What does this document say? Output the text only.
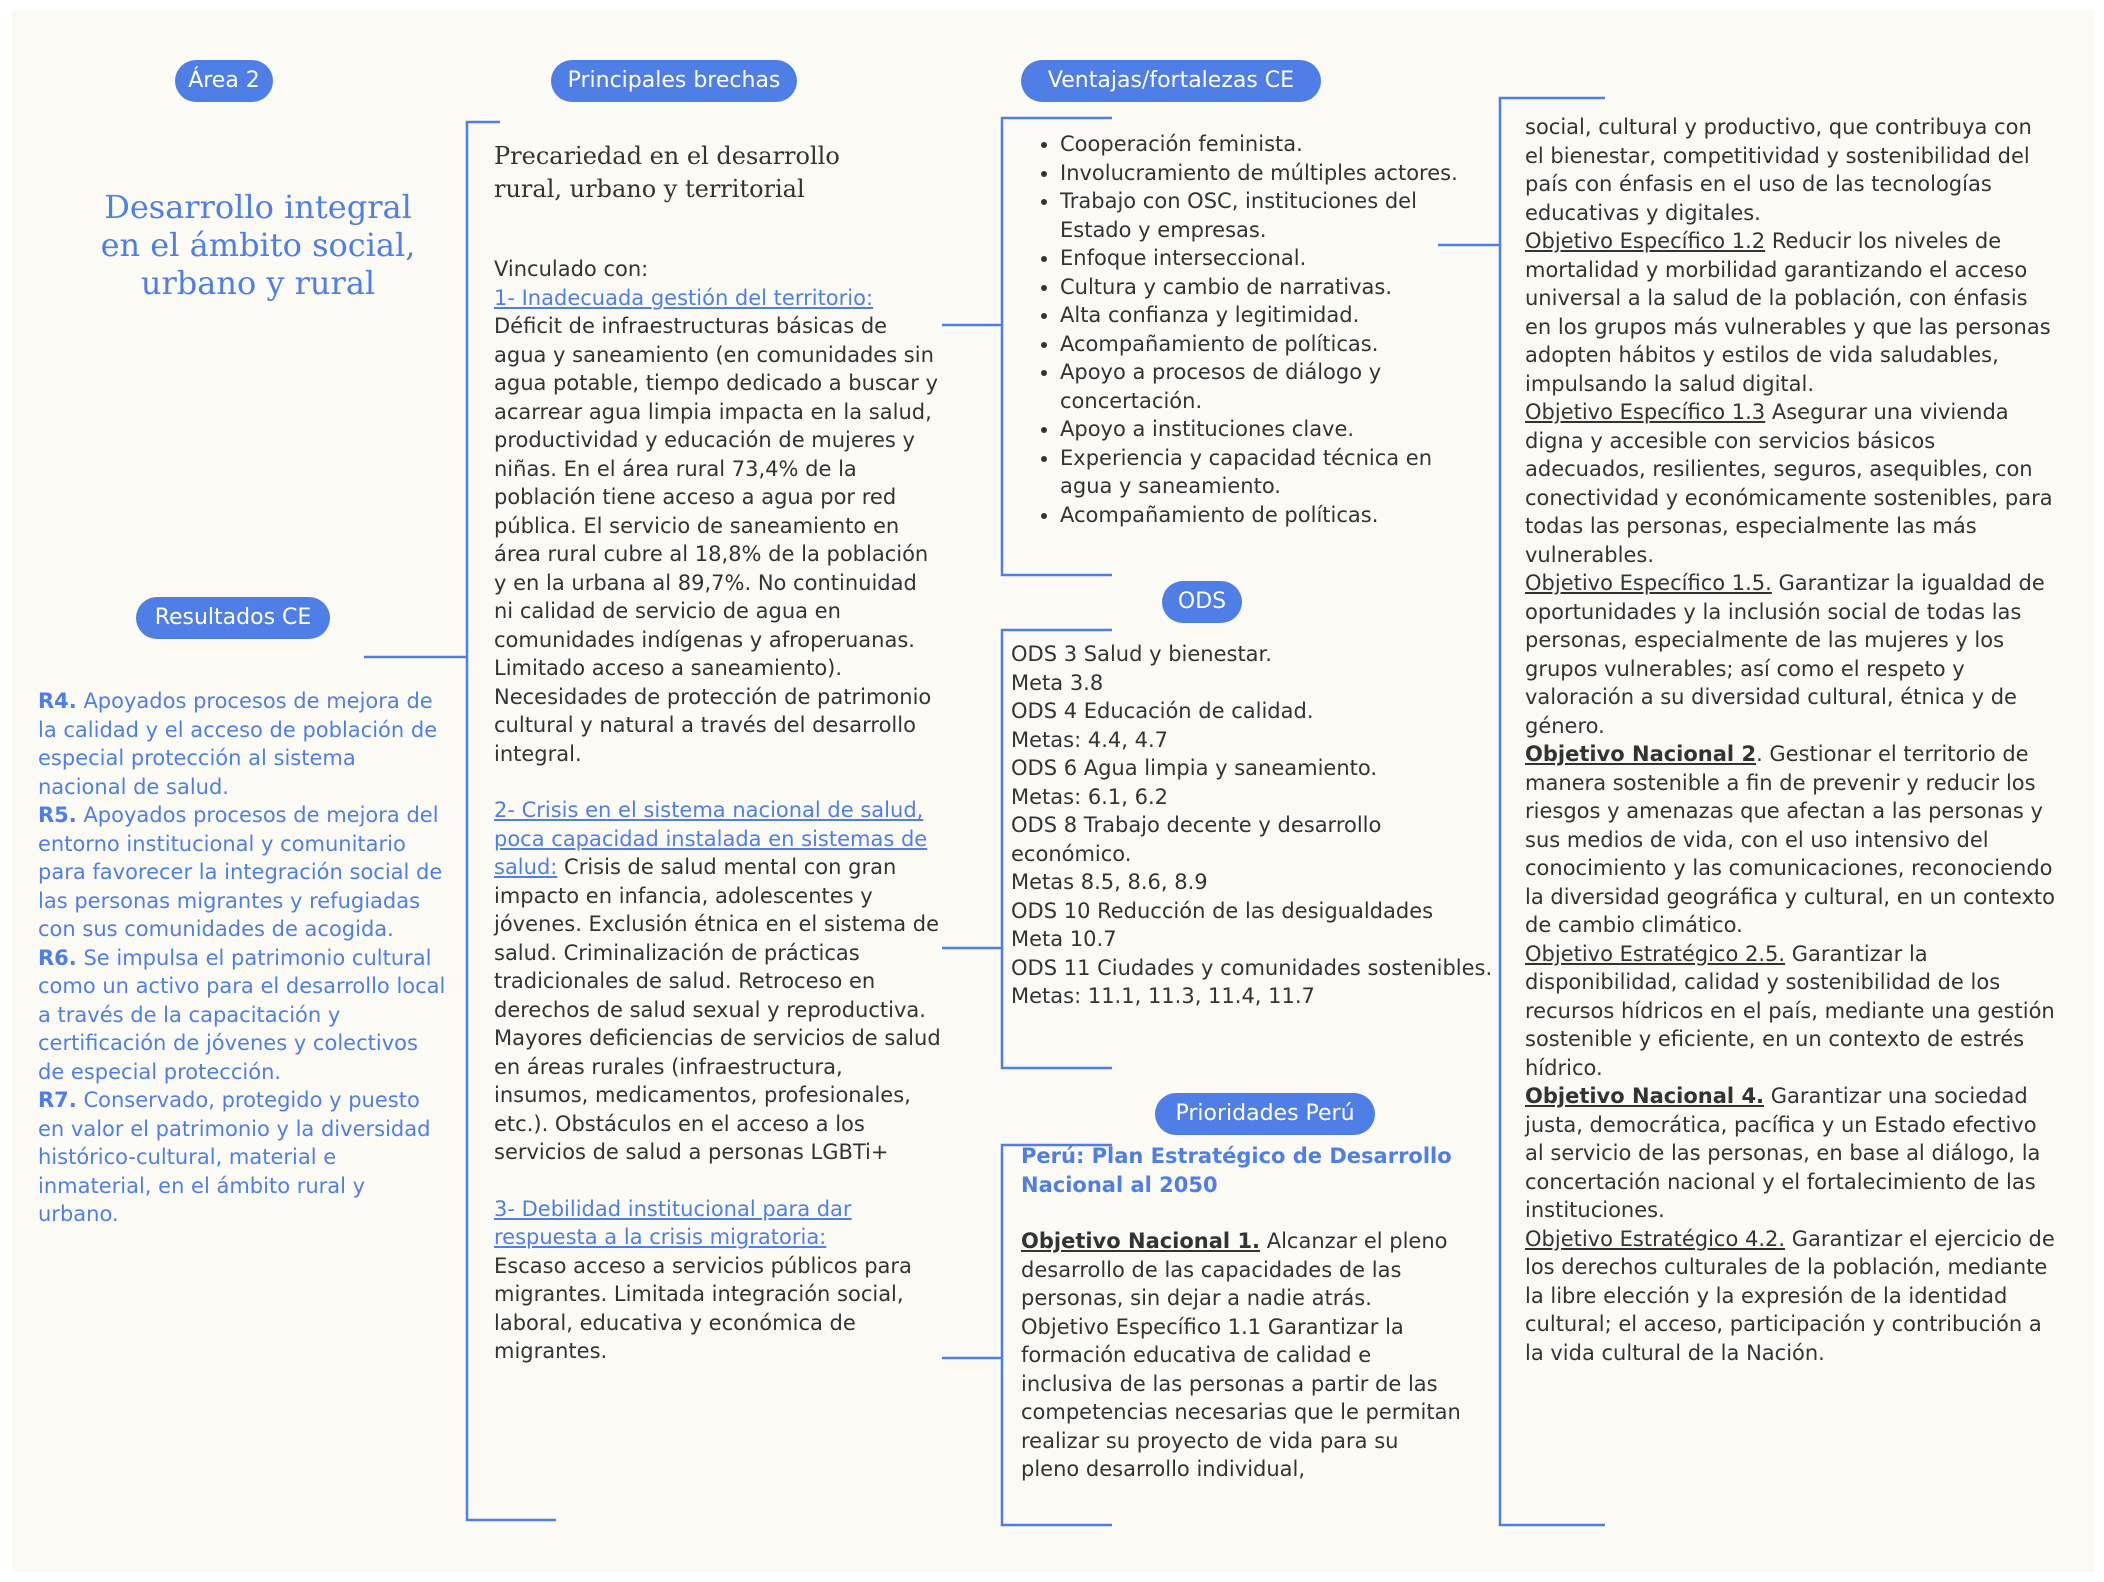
Área 2	Principales brechas	Ventajas/fortalezas CE
Resultados CE
ODS
Prioridades Perú
Desarrollo integral en el ámbito social, urbano y rural

R4. Apoyados procesos de mejora de la calidad y el acceso de población de especial protección al sistema nacional de salud.

R5. Apoyados procesos de mejora del entorno institucional y comunitario para favorecer la integración social de las personas migrantes y refugiadas con sus comunidades de acogida.

R6. Se impulsa el patrimonio cultural como un activo para el desarrollo local a través de la capacitación y certificación de jóvenes y colectivos de especial protección.

R7. Conservado, protegido y puesto en valor el patrimonio y la diversidad histórico-cultural, material e inmaterial, en el ámbito rural y urbano.

Precariedad en el desarrollo rural, urbano y territorial

Vinculado con:

1- Inadecuada gestión del territorio:
Déficit de infraestructuras básicas de agua y saneamiento (en comunidades sin agua potable, tiempo dedicado a buscar y acarrear agua limpia impacta en la salud, productividad y educación de mujeres y niñas. En el área rural 73,4% de la población tiene acceso a agua por red pública. El servicio de saneamiento en área rural cubre al 18,8% de la población y en la urbana al 89,7%. No continuidad ni calidad de servicio de agua en comunidades indígenas y afroperuanas. Limitado acceso a saneamiento). Necesidades de protección de patrimonio cultural y natural a través del desarrollo integral.

2- Crisis en el sistema nacional de salud, poca capacidad instalada en sistemas de salud: Crisis de salud mental con gran impacto en infancia, adolescentes y jóvenes. Exclusión étnica en el sistema de salud. Criminalización de prácticas tradicionales de salud. Retroceso en derechos de salud sexual y reproductiva. Mayores deficiencias de servicios de salud en áreas rurales (infraestructura, insumos, medicamentos, profesionales, etc.). Obstáculos en el acceso a los servicios de salud a personas LGBTi+

3- Debilidad institucional para dar respuesta a la crisis migratoria:
Escaso acceso a servicios públicos para migrantes. Limitada integración social, laboral, educativa y económica de migrantes.

• Cooperación feminista.
• Involucramiento de múltiples actores.
• Trabajo con OSC, instituciones del Estado y empresas.
• Enfoque interseccional.
• Cultura y cambio de narrativas.
• Alta confianza y legitimidad.
• Acompañamiento de políticas.
• Apoyo a procesos de diálogo y concertación.
• Apoyo a instituciones clave.
• Experiencia y capacidad técnica en agua y saneamiento.
• Acompañamiento de políticas.
ODS 3 Salud y bienestar.
Meta 3.8
ODS 4 Educación de calidad.
Metas: 4.4, 4.7
ODS 6 Agua limpia y saneamiento.
Metas: 6.1, 6.2
ODS 8 Trabajo decente y desarrollo económico.
Metas 8.5, 8.6, 8.9
ODS 10 Reducción de las desigualdades
Meta 10.7
ODS 11 Ciudades y comunidades sostenibles.
Metas: 11.1, 11.3, 11.4, 11.7

Perú: Plan Estratégico de Desarrollo Nacional al 2050

Objetivo Nacional 1. Alcanzar el pleno desarrollo de las capacidades de las personas, sin dejar a nadie atrás.

Objetivo Específico 1.1 Garantizar la formación educativa de calidad e inclusiva de las personas a partir de las competencias necesarias que le permitan realizar su proyecto de vida para su pleno desarrollo individual,

social, cultural y productivo, que contribuya con el bienestar, competitividad y sostenibilidad del país con énfasis en el uso de las tecnologías educativas y digitales.

Objetivo Específico 1.2 Reducir los niveles de mortalidad y morbilidad garantizando el acceso universal a la salud de la población, con énfasis en los grupos más vulnerables y que las personas adopten hábitos y estilos de vida saludables, impulsando la salud digital.

Objetivo Específico 1.3 Asegurar una vivienda digna y accesible con servicios básicos adecuados, resilientes, seguros, asequibles, con conectividad y económicamente sostenibles, para todas las personas, especialmente las más vulnerables.

Objetivo Específico 1.5. Garantizar la igualdad de oportunidades y la inclusión social de todas las personas, especialmente de las mujeres y los grupos vulnerables; así como el respeto y valoración a su diversidad cultural, étnica y de género.

Objetivo Nacional 2. Gestionar el territorio de manera sostenible a fin de prevenir y reducir los riesgos y amenazas que afectan a las personas y sus medios de vida, con el uso intensivo del conocimiento y las comunicaciones, reconociendo la diversidad geográfica y cultural, en un contexto de cambio climático.

Objetivo Estratégico 2.5. Garantizar la disponibilidad, calidad y sostenibilidad de los recursos hídricos en el país, mediante una gestión sostenible y eficiente, en un contexto de estrés hídrico.

Objetivo Nacional 4. Garantizar una sociedad justa, democrática, pacífica y un Estado efectivo al servicio de las personas, en base al diálogo, la concertación nacional y el fortalecimiento de las instituciones.

Objetivo Estratégico 4.2. Garantizar el ejercicio de los derechos culturales de la población, mediante la libre elección y la expresión de la identidad cultural; el acceso, participación y contribución a la vida cultural de la Nación.
